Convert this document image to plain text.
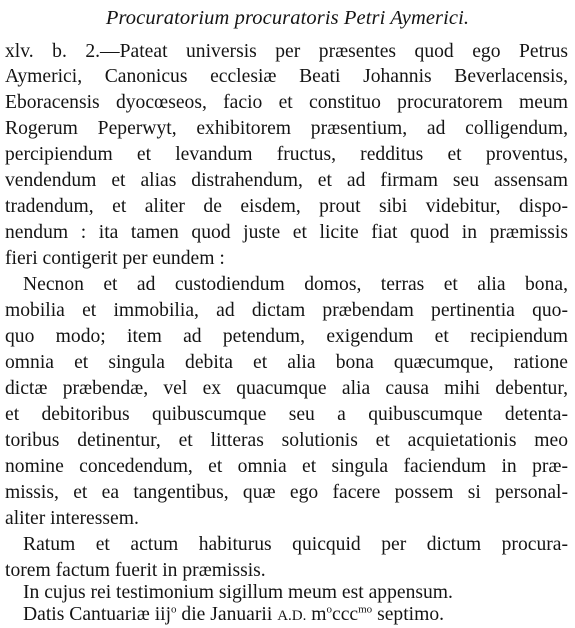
Procuratorium procuratoris Petri Aymerici.
xlv. b. 2.—Pateat universis per præsentes quod ego Petrus
Aymerici, Canonicus ecclesiæ Beati Johannis Beverlacensis,
Eboracensis dyocœseos, facio et constituo procuratorem meum
Rogerum Peperwyt, exhibitorem præsentium, ad colligendum,
percipiendum et levandum fructus, redditus et proventus,
vendendum et alias distrahendum, et ad firmam seu assensam
tradendum, et aliter de eisdem, prout sibi videbitur, dispo-
nendum : ita tamen quod juste et licite fiat quod in præmissis
fieri contigerit per eundem :
Necnon et ad custodiendum domos, terras et alia bona,
mobilia et immobilia, ad dictam præbendam pertinentia quo-
quo modo; item ad petendum, exigendum et recipiendum
omnia et singula debita et alia bona quæcumque, ratione
dictæ præbendæ, vel ex quacumque alia causa mihi debentur,
et debitoribus quibuscumque seu a quibuscumque detenta-
toribus detinentur, et litteras solutionis et acquietationis meo
nomine concedendum, et omnia et singula faciendum in præ-
missis, et ea tangentibus, quæ ego facere possem si personal-
aliter interessem.
Ratum et actum habiturus quicquid per dictum procura-
torem factum fuerit in præmissis.
In cujus rei testimonium sigillum meum est appensum.
Datis Cantuariæ iij$^o$ die Januarii A.D. $m^occc^{mo}$ septimo.
